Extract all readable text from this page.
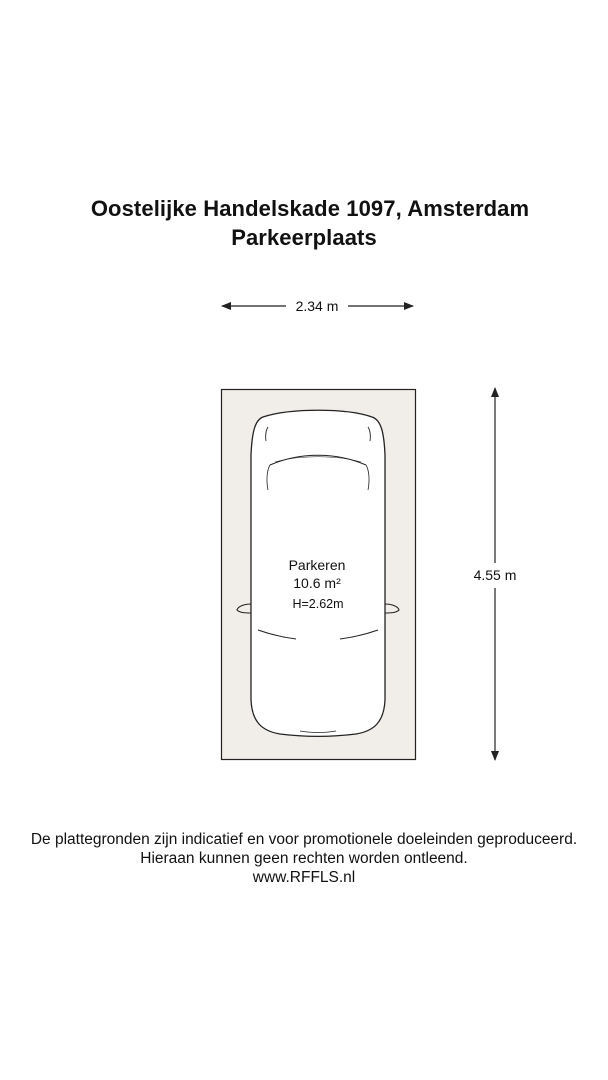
Oostelijke Handelskade 1097, Amsterdam
Parkeerplaats
2.34 m
Parkeren
10.6 m²
H=2.62m
4.55 m
De plattegronden zijn indicatief en voor promotionele doeleinden geproduceerd.
Hieraan kunnen geen rechten worden ontleend.
www.RFFLS.nl
